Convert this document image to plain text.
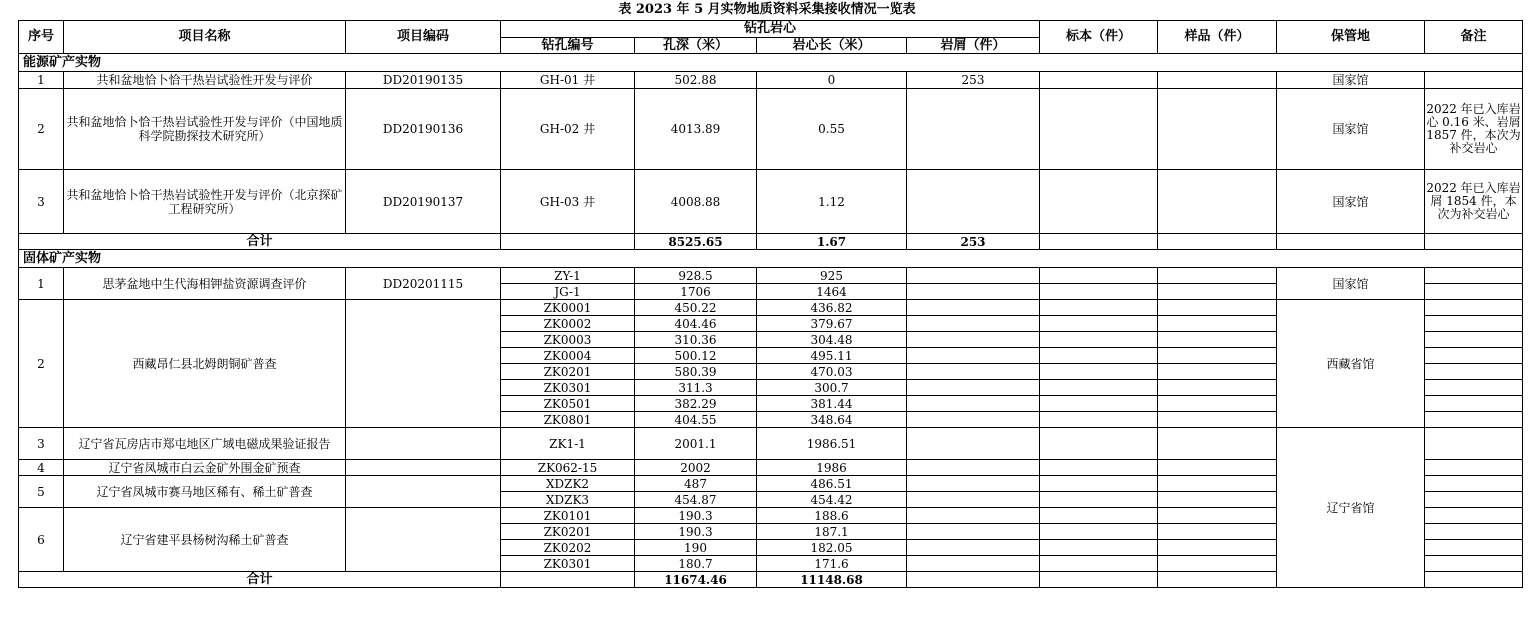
表 2023 年 5 月实物地质资料采集接收情况一览表
序号	项目名称	项目编码	钻孔岩心				标本（件）	样品（件）	保管地	备注	
			钻孔编号	孔深（米）	岩心长（米）	岩屑（件）					
能源矿产实物											
1	共和盆地恰卜恰干热岩试验性开发与评价	DD20190135	GH-01 井	502.88	0	253			国家馆		
2	共和盆地恰卜恰干热岩试验性开发与评价（中国地质科学院勘探技术研究所）	DD20190136	GH-02 井	4013.89	0.55				国家馆	2022 年已入库岩心 0.16 米、岩屑 1857 件，本次为补交岩心	
3	共和盆地恰卜恰干热岩试验性开发与评价（北京探矿工程研究所）	DD20190137	GH-03 井	4008.88	1.12				国家馆	2022 年已入库岩屑 1854 件，本次为补交岩心	
合计				8525.65	1.67	253					
固体矿产实物											
1	思茅盆地中生代海相钾盐资源调查评价	DD20201115	ZY-1	928.5	925				国家馆		
			JG-1	1706	1464						
2	西藏昂仁县北姆朗铜矿普查		ZK0001	450.22	436.82				西藏省馆		
			ZK0002	404.46	379.67						
			ZK0003	310.36	304.48						
			ZK0004	500.12	495.11						
			ZK0201	580.39	470.03						
			ZK0301	311.3	300.7						
			ZK0501	382.29	381.44						
			ZK0801	404.55	348.64						
3	辽宁省瓦房店市郑屯地区广域电磁成果验证报告		ZK1-1	2001.1	1986.51				辽宁省馆		
4	辽宁省凤城市白云金矿外围金矿预查		ZK062-15	2002	1986						
5	辽宁省凤城市赛马地区稀有、稀土矿普查		XDZK2	487	486.51						
			XDZK3	454.87	454.42						
6	辽宁省建平县杨树沟稀土矿普查		ZK0101	190.3	188.6						
			ZK0201	190.3	187.1						
			ZK0202	190	182.05						
			ZK0301	180.7	171.6						
合计				11674.46	11148.68						
